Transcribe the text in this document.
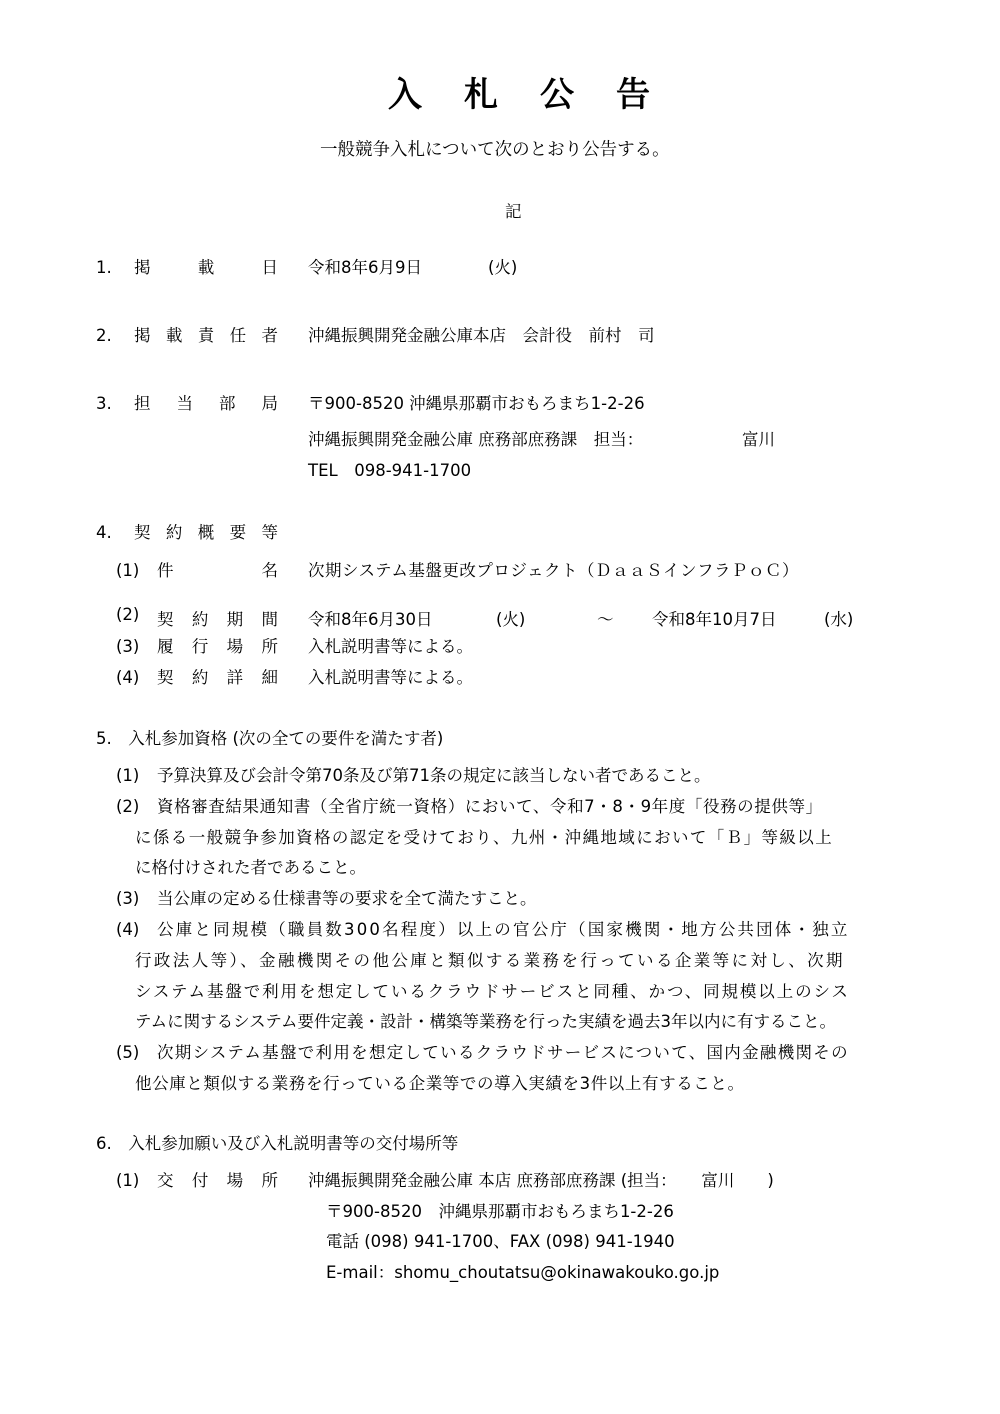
入 札 公 告
一般競争入札について次のとおり公告する。
記
1. 掲	載	日 令和8年6月9日	(火)
2. 掲 載 責 任 者 沖縄振興開発金融公庫本店　会計役　前村　司
3. 担 当 部 局 〒900-8520 沖縄県那覇市おもろまち1-2-26
沖縄振興開発金融公庫 庶務部庶務課　担当：	富川
TEL　098-941-1700
4. 契 約 概 要 等
(1) 件	名 次期システム基盤更改プロジェクト（ＤａａＳインフラＰｏＣ）
(2) 契 約 期 間 令和8年6月30日	(火)	～ 令和8年10月7日	(水)
(3) 履 行 場 所 入札説明書等による。
(4) 契 約 詳 細 入札説明書等による。
5.　入札参加資格 (次の全ての要件を満たす者)
(1) 予算決算及び会計令第70条及び第71条の規定に該当しない者であること。
(2) 資格審査結果通知書（全省庁統一資格）において、令和7・8・9年度「役務の提供等」
に係る一般競争参加資格の認定を受けており、九州・沖縄地域において「Ｂ」等級以上
に格付けされた者であること。
(3) 当公庫の定める仕様書等の要求を全て満たすこと。
(4) 公庫と同規模（職員数300名程度）以上の官公庁（国家機関・地方公共団体・独立
行政法人等）、金融機関その他公庫と類似する業務を行っている企業等に対し、次期
システム基盤で利用を想定しているクラウドサービスと同種、かつ、同規模以上のシス
テムに関するシステム要件定義・設計・構築等業務を行った実績を過去3年以内に有すること。
(5) 次期システム基盤で利用を想定しているクラウドサービスについて、国内金融機関その
他公庫と類似する業務を行っている企業等での導入実績を3件以上有すること。
6.　入札参加願い及び入札説明書等の交付場所等
(1) 交 付 場 所 沖縄振興開発金融公庫 本店 庶務部庶務課 (担当：　　富川　　)
〒900-8520　沖縄県那覇市おもろまち1-2-26
電話 (098) 941-1700、FAX (098) 941-1940
E-mail：shomu_choutatsu@okinawakouko.go.jp
